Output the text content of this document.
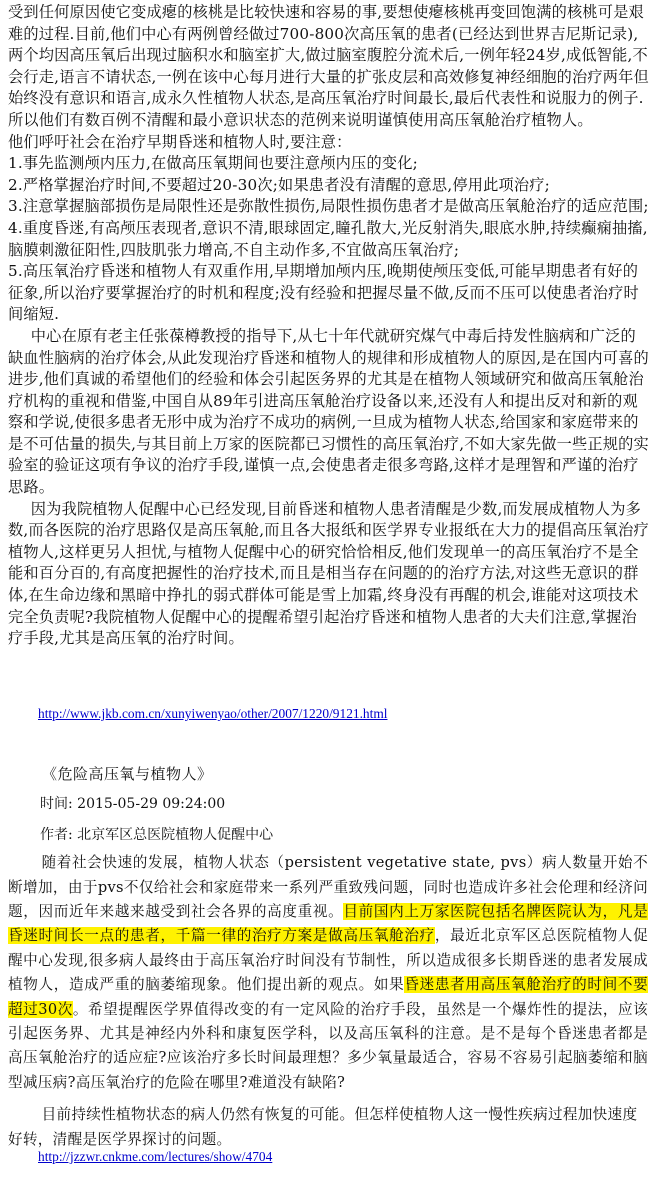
受到任何原因使它变成瘪的核桃是比较快速和容易的事,要想使瘪核桃再变回饱满的核桃可是艰难的过程.目前,他们中心有两例曾经做过700-800次高压氧的患者(已经达到世界吉尼斯记录),两个均因高压氧后出现过脑积水和脑室扩大,做过脑室腹腔分流术后,一例年轻24岁,成低智能,不会行走,语言不请状态,一例在该中心每月进行大量的扩张皮层和高效修复神经细胞的治疗两年但始终没有意识和语言,成永久性植物人状态,是高压氧治疗时间最长,最后代表性和说服力的例子.所以他们有数百例不清醒和最小意识状态的范例来说明谨慎使用高压氧舱治疗植物人。

他们呼吁社会在治疗早期昏迷和植物人时,要注意：

1.事先监测颅内压力,在做高压氧期间也要注意颅内压的变化;

2.严格掌握治疗时间,不要超过20-30次;如果患者没有清醒的意思,停用此项治疗;

3.注意掌握脑部损伤是局限性还是弥散性损伤,局限性损伤患者才是做高压氧舱治疗的适应范围;

4.重度昏迷,有高颅压表现者,意识不清,眼球固定,瞳孔散大,光反射消失,眼底水肿,持续癫痫抽搐,脑膜刺激征阳性,四肢肌张力增高,不自主动作多,不宜做高压氧治疗;

5.高压氧治疗昏迷和植物人有双重作用,早期增加颅内压,晚期使颅压变低,可能早期患者有好的征象,所以治疗要掌握治疗的时机和程度;没有经验和把握尽量不做,反而不压可以使患者治疗时间缩短.

中心在原有老主任张葆樽教授的指导下,从七十年代就研究煤气中毒后持发性脑病和广泛的缺血性脑病的治疗体会,从此发现治疗昏迷和植物人的规律和形成植物人的原因,是在国内可喜的进步,他们真诚的希望他们的经验和体会引起医务界的尤其是在植物人领域研究和做高压氧舱治疗机构的重视和借鉴,中国自从89年引进高压氧舱治疗设备以来,还没有人和提出反对和新的观察和学说,使很多患者无形中成为治疗不成功的病例,一旦成为植物人状态,给国家和家庭带来的是不可估量的损失,与其目前上万家的医院都已习惯性的高压氧治疗,不如大家先做一些正规的实验室的验证这项有争议的治疗手段,谨慎一点,会使患者走很多弯路,这样才是理智和严谨的治疗思路。

因为我院植物人促醒中心已经发现,目前昏迷和植物人患者清醒是少数,而发展成植物人为多数,而各医院的治疗思路仅是高压氧舱,而且各大报纸和医学界专业报纸在大力的提倡高压氧治疗植物人,这样更另人担忧,与植物人促醒中心的研究恰恰相反,他们发现单一的高压氧治疗不是全能和百分百的,有高度把握性的治疗技术,而且是相当存在问题的的治疗方法,对这些无意识的群体,在生命边缘和黑暗中挣扎的弱式群体可能是雪上加霜,终身没有再醒的机会,谁能对这项技术完全负责呢?我院植物人促醒中心的提醒希望引起治疗昏迷和植物人患者的大夫们注意,掌握治疗手段,尤其是高压氧的治疗时间。

http://www.jkb.com.cn/xunyiwenyao/other/2007/1220/9121.html

《危险高压氧与植物人》

时间: 2015-05-29 09:24:00

作者: 北京军区总医院植物人促醒中心

随着社会快速的发展，植物人状态（persistent vegetative state, pvs）病人数量开始不断增加，由于pvs不仅给社会和家庭带来一系列严重致残问题，同时也造成许多社会伦理和经济问题，因而近年来越来越受到社会各界的高度重视。目前国内上万家医院包括名牌医院认为，凡是昏迷时间长一点的患者，千篇一律的治疗方案是做高压氧舱治疗，最近北京军区总医院植物人促醒中心发现,很多病人最终由于高压氧治疗时间没有节制性，所以造成很多长期昏迷的患者发展成植物人，造成严重的脑萎缩现象。他们提出新的观点。如果昏迷患者用高压氧舱治疗的时间不要超过30次。希望提醒医学界值得改变的有一定风险的治疗手段，虽然是一个爆炸性的提法，应该引起医务界、尤其是神经内外科和康复医学科，以及高压氧科的注意。是不是每个昏迷患者都是高压氧舱治疗的适应症?应该治疗多长时间最理想？多少氧量最适合，容易不容易引起脑萎缩和脑型减压病?高压氧治疗的危险在哪里?难道没有缺陷?

目前持续性植物状态的病人仍然有恢复的可能。但怎样使植物人这一慢性疾病过程加快速度好转，清醒是医学界探讨的问题。

http://jzzwr.cnkme.com/lectures/show/4704
